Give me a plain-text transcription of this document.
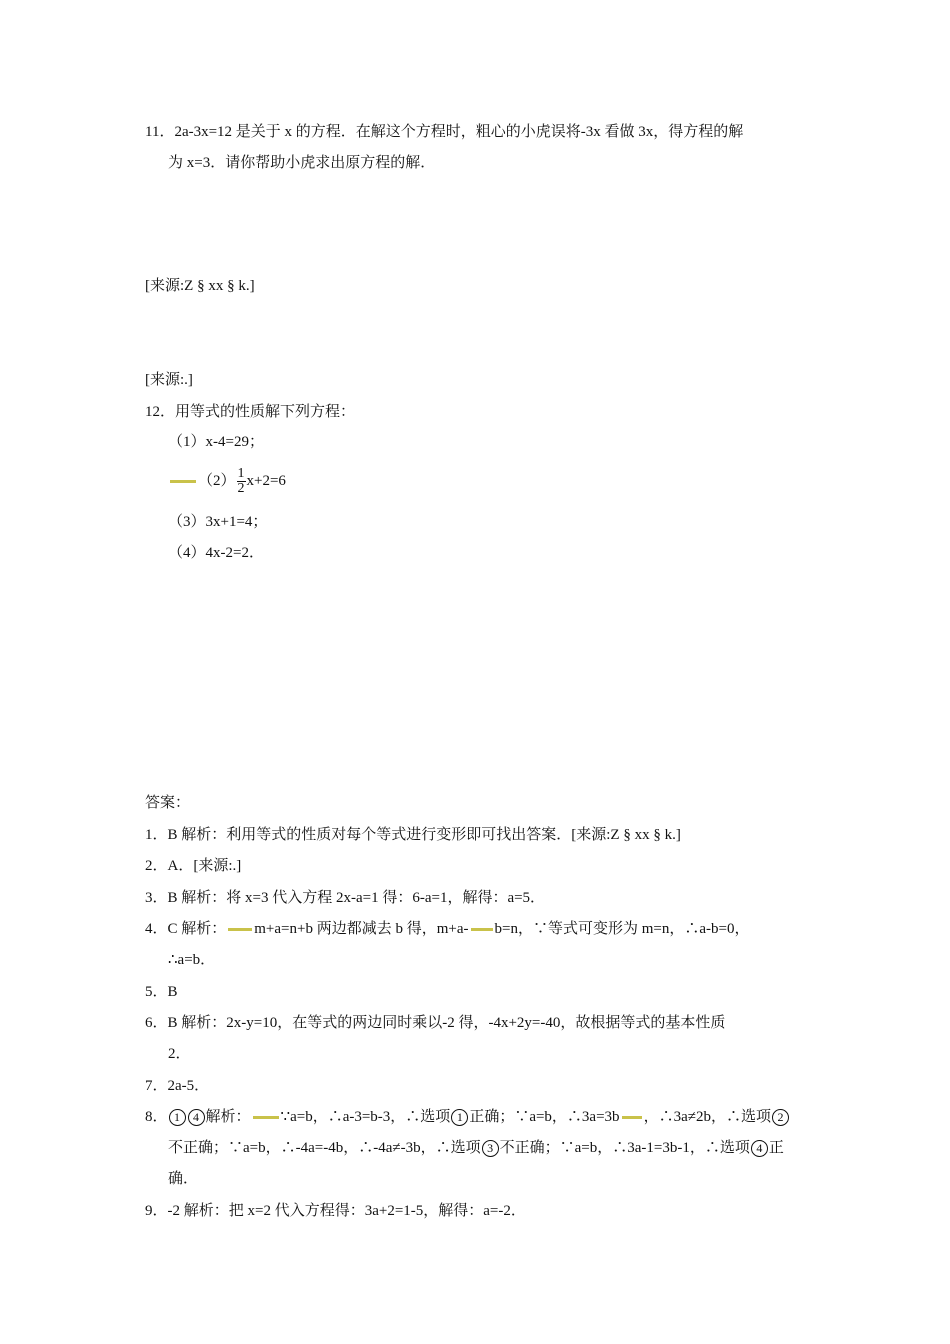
11．2a-3x=12 是关于 x 的方程．在解这个方程时，粗心的小虎误将-3x 看做 3x，得方程的解
为 x=3．请你帮助小虎求出原方程的解．
[来源:Z § xx § k.]
[来源:.]
12．用等式的性质解下列方程：
（1）x-4=29；
$(2) \frac{1}{2} x+2=6$
（3）3x+1=4；
（4）4x-2=2．
答案：
1．B 解析：利用等式的性质对每个等式进行变形即可找出答案．[来源:Z § xx § k.]
2．A．[来源:.]
3．B 解析：将 x=3 代入方程 2x-a=1 得：6-a=1，解得：a=5．
4．C 解析： m+a=n+b 两边都减去 b 得，m+a- b=n，∵等式可变形为 m=n，∴a-b=0，
∴a=b．
5．B
6．B 解析：2x-y=10，在等式的两边同时乘以-2 得，-4x+2y=-40，故根据等式的基本性质
2．
7．2a-5．
8． 1 4 解析： ∵a=b，∴a-3=b-3，∴选项 1 正确；∵a=b，∴3a=3b ，∴3a≠2b，∴选项 2
不正确；∵a=b，∴-4a=-4b，∴-4a≠-3b，∴选项 3 不正确；∵a=b，∴3a-1=3b-1，∴选项 4 正
确．
9．-2 解析：把 x=2 代入方程得：3a+2=1-5，解得：a=-2．
